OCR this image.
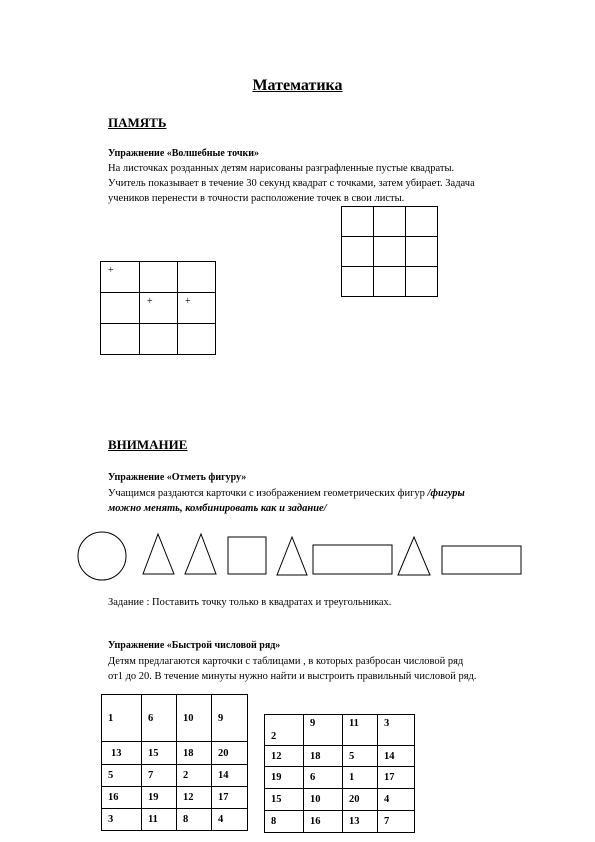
Математика
ПАМЯТЬ
Упражнение «Волшебные точки»

На листочках розданных детям нарисованы разграфленные пустые квадраты.

Учитель показывает в течение 30 секунд квадрат с точками, затем убирает. Задача

учеников перенести в точности расположение точек в свои листы.

+		

	+	+

ВНИМАНИЕ
Упражнение «Отметь фигуру»

Учащимся раздаются карточки с изображением геометрических фигур /фигуры

можно менять, комбинировать как и задание/

Задание : Поставить точку только в квадратах и треугольниках.
Упражнение «Быстрой числовой ряд»

Детям предлагаются карточки с таблицами , в которых разбросан числовой ряд

от1 до 20. В течение минуты нужно найти и выстроить правильный числовой ряд.

1	6	10	9
13	15	18	20
5	7	2	14
16	19	12	17
3	11	8	4
2	9	11	3
12	18	5	14
19	6	1	17
15	10	20	4
8	16	13	7
